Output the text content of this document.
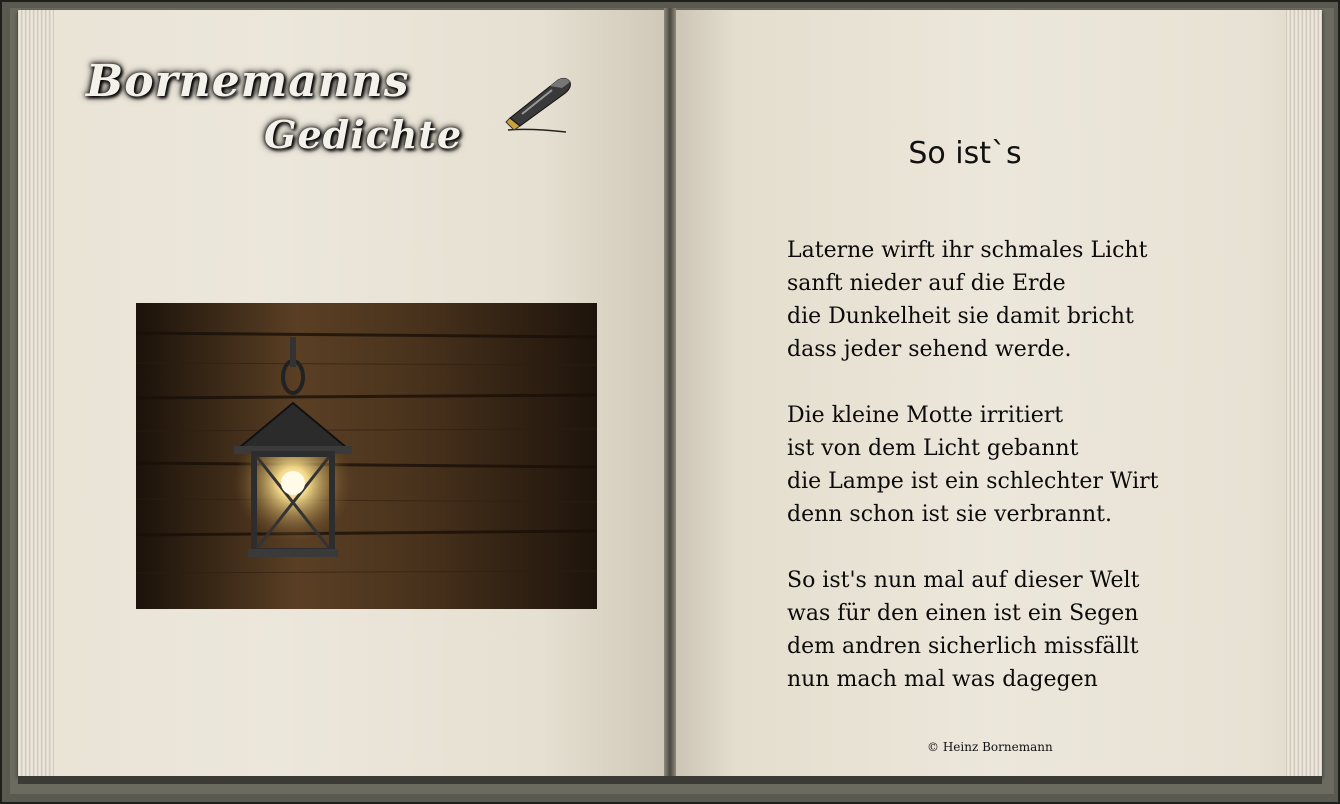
Bornemanns
Gedichte	So ist`s
Laterne wirft ihr schmales Licht
sanft nieder auf die Erde
die Dunkelheit sie damit bricht
dass jeder sehend werde.
Die kleine Motte irritiert
ist von dem Licht gebannt
die Lampe ist ein schlechter Wirt
denn schon ist sie verbrannt.
So ist's nun mal auf dieser Welt
was für den einen ist ein Segen
dem andren sicherlich missfällt
nun mach mal was dagegen
© Heinz Bornemann
